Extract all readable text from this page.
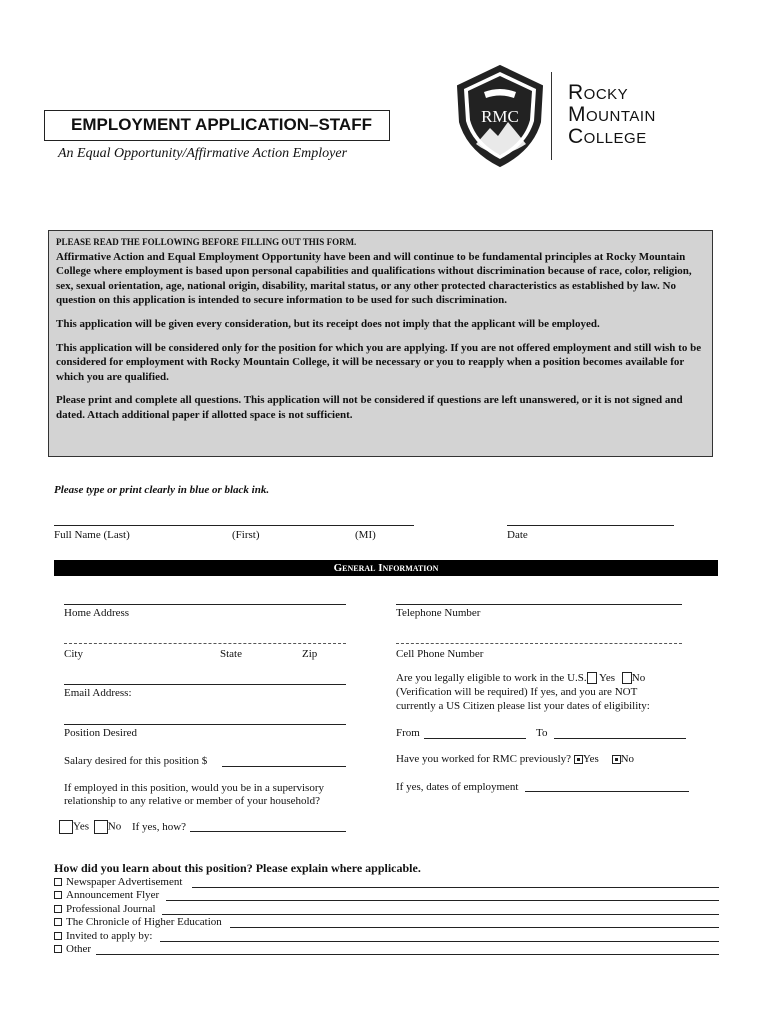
EMPLOYMENT APPLICATION–STAFF
An Equal Opportunity/Affirmative Action Employer
RMC
Rocky
Mountain
College

PLEASE READ THE FOLLOWING BEFORE FILLING OUT THIS FORM.

Affirmative Action and Equal Employment Opportunity have been and will continue to be fundamental principles at Rocky Mountain College where employment is based upon personal capabilities and qualifications without discrimination because of race, color, religion, sex, sexual orientation, age, national origin, disability, marital status, or any other protected characteristics as established by law. No question on this application is intended to secure information to be used for such discrimination.

This application will be given every consideration, but its receipt does not imply that the applicant will be employed.

This application will be considered only for the position for which you are applying. If you are not offered employment and still wish to be considered for employment with Rocky Mountain College, it will be necessary or you to reapply when a position becomes available for which you are qualified.

Please print and complete all questions. This application will not be considered if questions are left unanswered, or it is not signed and dated. Attach additional paper if allotted space is not sufficient.

Please type or print clearly in blue or black ink.
Full Name (Last)	(First)	(MI)	Date
General Information
Home Address
City	State	Zip
Email Address:
Position Desired
Salary desired for this position $
If employed in this position, would you be in a supervisory
relationship to any relative or member of your household?
Yes No If yes, how?
Telephone Number
Cell Phone Number
Are you legally eligible to work in the U.S. Yes No
(Verification will be required) If yes, and you are NOT
currently a US Citizen please list your dates of eligibility:
From	To
Have you worked for RMC previously? Yes No
If yes, dates of employment
How did you learn about this position? Please explain where applicable.
Newspaper Advertisement
Announcement Flyer
Professional Journal
The Chronicle of Higher Education
Invited to apply by:
Other
